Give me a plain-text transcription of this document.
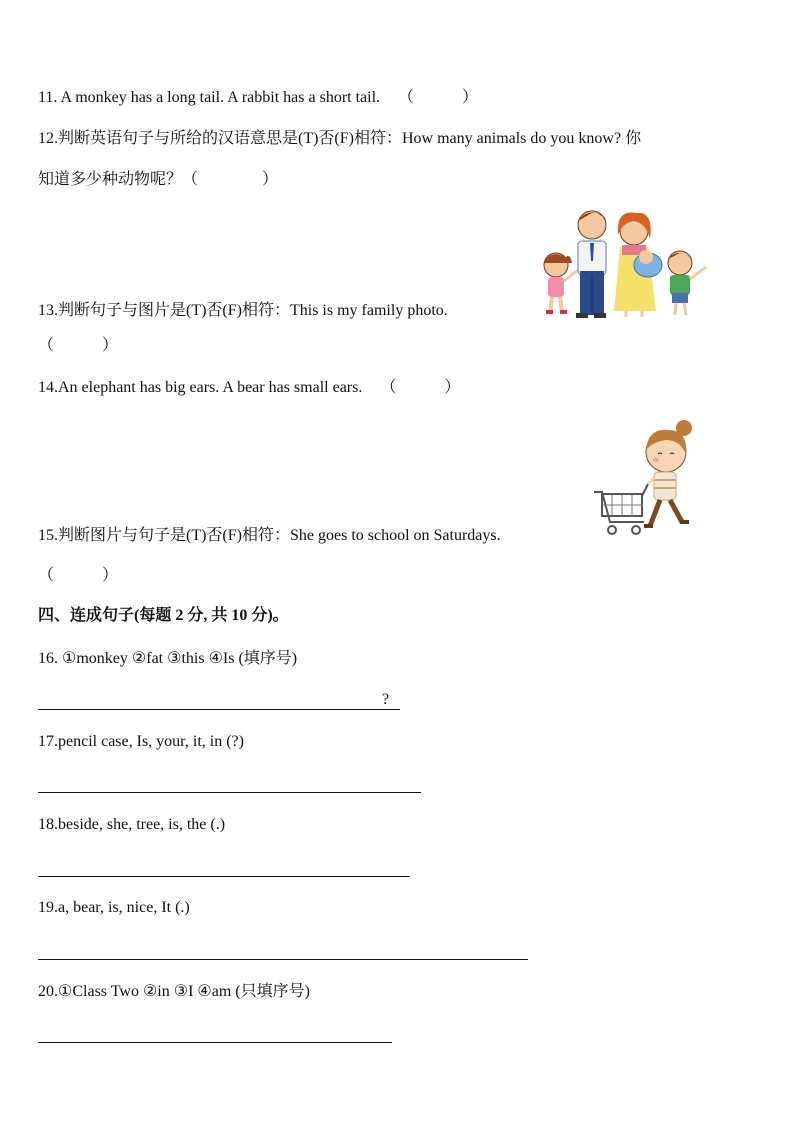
11. A monkey has a long tail. A rabbit has a short tail. （　　　）
12.判断英语句子与所给的汉语意思是(T)否(F)相符：How many animals do you know? 你
知道多少种动物呢？（　　　　）
13.判断句子与图片是(T)否(F)相符：This is my family photo.
（　　　）
14.An elephant has big ears. A bear has small ears. （　　　）
15.判断图片与句子是(T)否(F)相符：She goes to school on Saturdays.
（　　　）
四、连成句子(每题 2 分, 共 10 分)。
16. ①monkey ②fat ③this ④Is (填序号)
?
17.pencil case, Is, your, it, in (?)
18.beside, she, tree, is, the (.)
19.a, bear, is, nice, It (.)
20.①Class Two ②in ③I ④am (只填序号)
